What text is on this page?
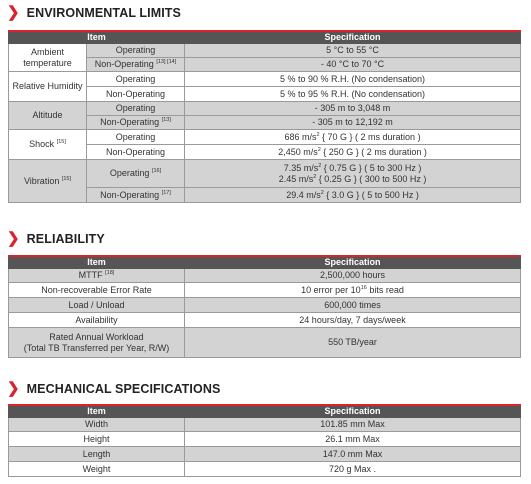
❯ ENVIRONMENTAL LIMITS
Item		Specification
Ambient temperature	Operating	5 °C to 55 °C
	Non-Operating [13] [14]	- 40 °C to 70 °C
Relative Humidity	Operating	5 % to 90 % R.H. (No condensation)
	Non-Operating	5 % to 95 % R.H. (No condensation)
Altitude	Operating	- 305 m to 3,048 m
	Non-Operating [13]	- 305 m to 12,192 m
Shock [15]	Operating	686 $m/s^2$ { 70 G } ( 2 ms duration )
	Non-Operating	2,450 $m/s^2$ { 250 G } ( 2 ms duration )
Vibration [15]	Operating [16]	7.35 $m/s^2$ { 0.75 G } ( 5 to 300 Hz )
2.45 $m/s^2$ { 0.25 G } ( 300 to 500 Hz )

	Non-Operating [17]	29.4 $m/s^2$ { 3.0 G } ( 5 to 500 Hz )
❯ RELIABILITY
Item	Specification
MTTF [18]	2,500,000 hours
Non-recoverable Error Rate	10 error per $10^{16}$ bits read
Load / Unload	600,000 times
Availability	24 hours/day, 7 days/week

Rated Annual Workload
(Total TB Transferred per Year, R/W)	550 TB/year
❯ MECHANICAL SPECIFICATIONS
Item	Specification
Width	101.85 mm Max
Height	26.1 mm Max
Length	147.0 mm Max
Weight	720 g Max .
